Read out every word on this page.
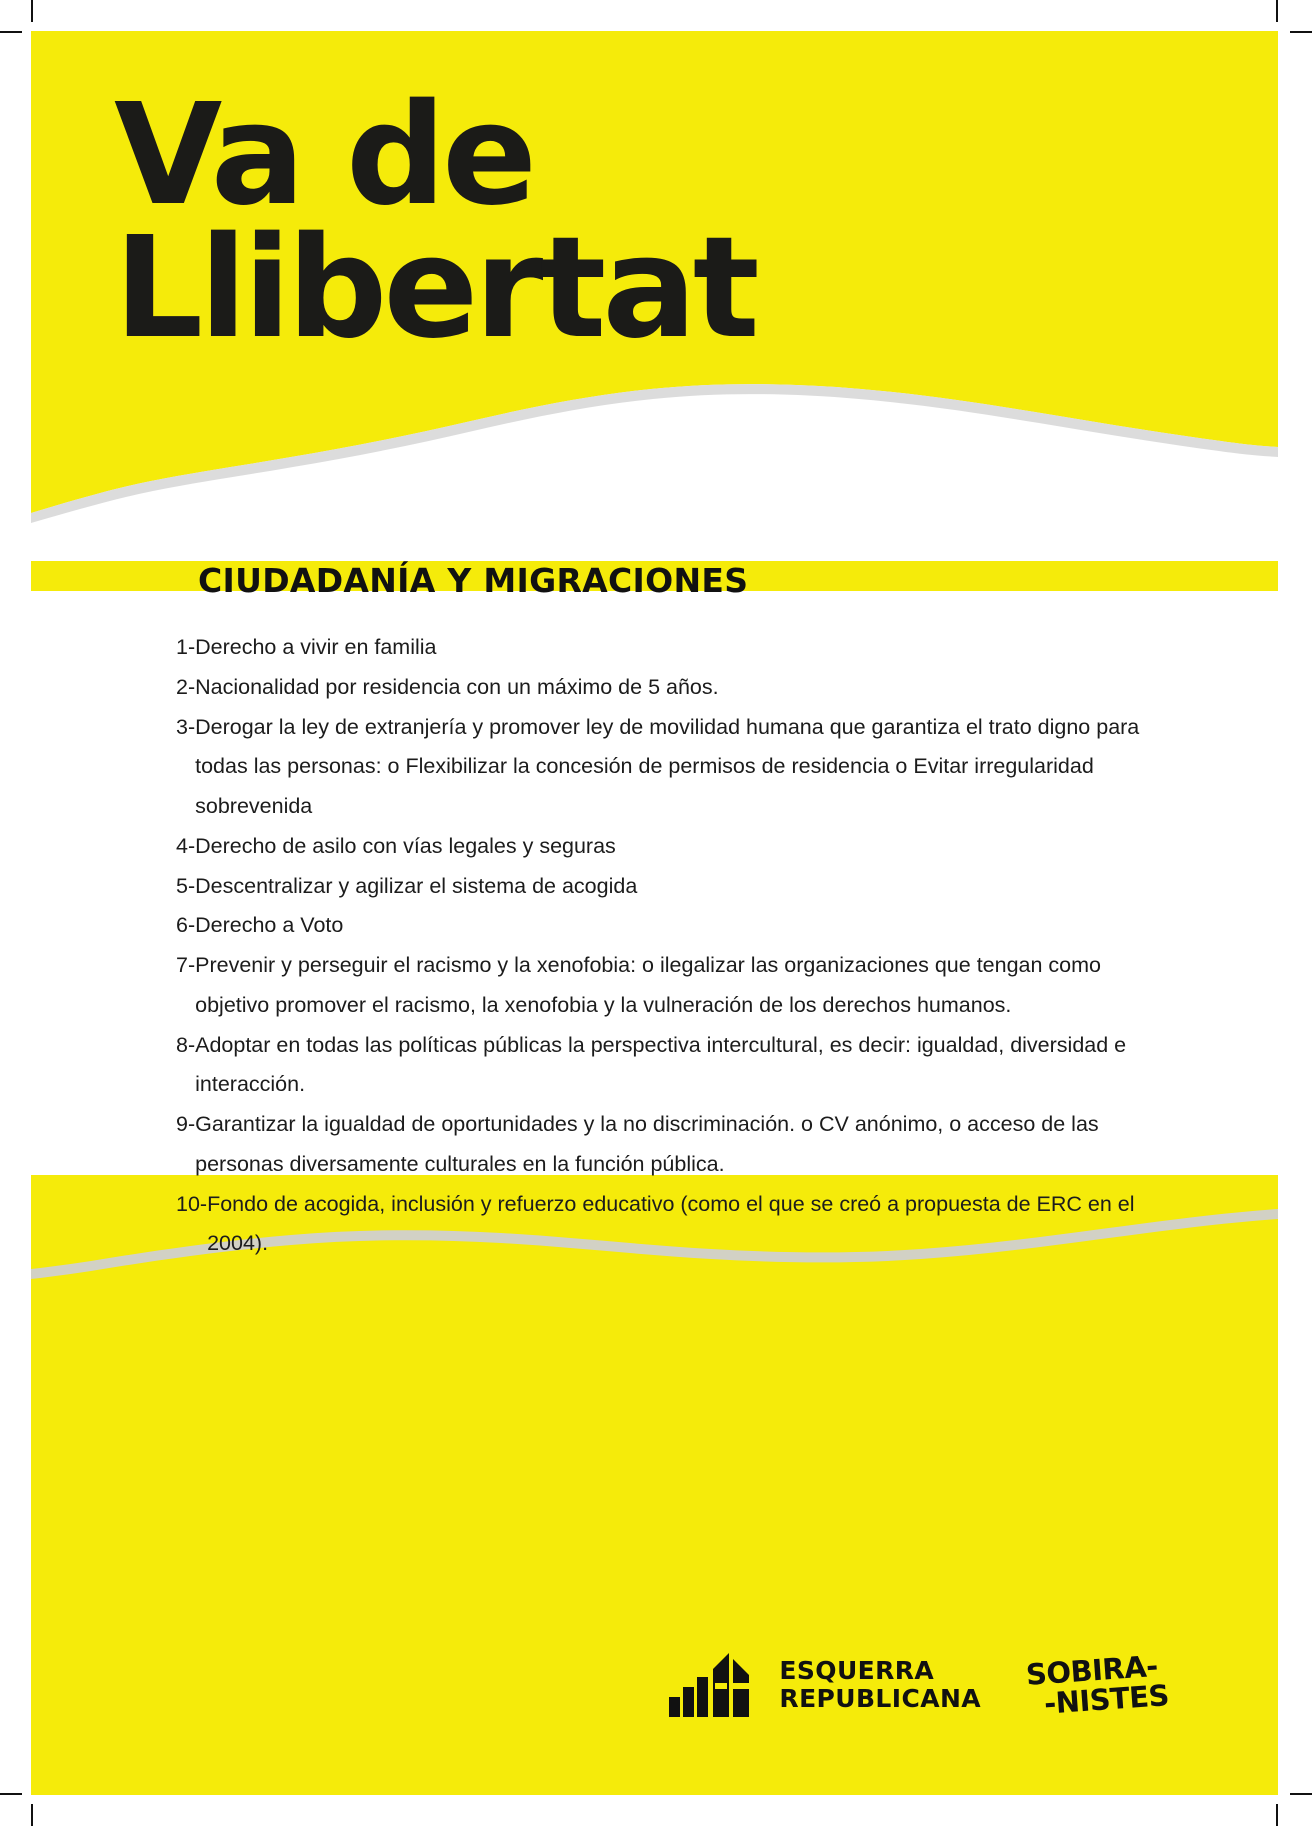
Va de
Llibertat
CIUDADANÍA Y MIGRACIONES

1- Derecho a vivir en familia

2- Nacionalidad por residencia con un máximo de 5 años.

3- Derogar la ley de extranjería y promover ley de movilidad humana que garantiza el trato digno para todas las personas: o Flexibilizar la concesión de permisos de residencia o Evitar irregularidad sobrevenida

4- Derecho de asilo con vías legales y seguras

5- Descentralizar y agilizar el sistema de acogida

6- Derecho a Voto

7- Prevenir y perseguir el racismo y la xenofobia: o ilegalizar las organizaciones que tengan como objetivo promover el racismo, la xenofobia y la vulneración de los derechos humanos.

8- Adoptar en todas las políticas públicas la perspectiva intercultural, es decir: igualdad, diversidad e interacción.

9- Garantizar la igualdad de oportunidades y la no discriminación. o CV anónimo, o acceso de las personas diversamente culturales en la función pública.

10- Fondo de acogida, inclusión y refuerzo educativo (como el que se creó a propuesta de ERC en el 2004).

ESQUERRA
REPUBLICANA
SOBIRA-
-NISTES
